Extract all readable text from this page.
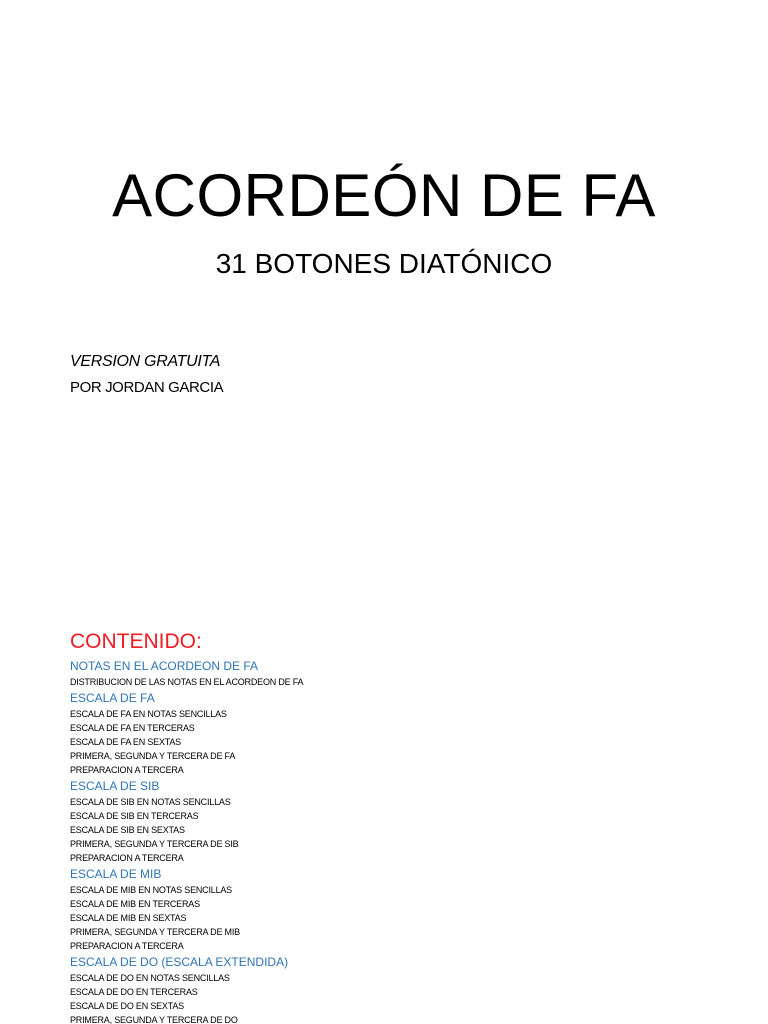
ACORDEÓN DE FA
31 BOTONES DIATÓNICO
VERSION GRATUITA
POR JORDAN GARCIA
CONTENIDO:
NOTAS EN EL ACORDEON DE FA
DISTRIBUCION DE LAS NOTAS EN EL ACORDEON DE FA
ESCALA DE FA
ESCALA DE FA EN NOTAS SENCILLAS
ESCALA DE FA EN TERCERAS
ESCALA DE FA EN SEXTAS
PRIMERA, SEGUNDA Y TERCERA DE FA
PREPARACION A TERCERA
ESCALA DE SIB
ESCALA DE SIB EN NOTAS SENCILLAS
ESCALA DE SIB EN TERCERAS
ESCALA DE SIB EN SEXTAS
PRIMERA, SEGUNDA Y TERCERA DE SIB
PREPARACION A TERCERA
ESCALA DE MIB
ESCALA DE MIB EN NOTAS SENCILLAS
ESCALA DE MIB EN TERCERAS
ESCALA DE MIB EN SEXTAS
PRIMERA, SEGUNDA Y TERCERA DE MIB
PREPARACION A TERCERA
ESCALA DE DO (ESCALA EXTENDIDA)
ESCALA DE DO EN NOTAS SENCILLAS
ESCALA DE DO EN TERCERAS
ESCALA DE DO EN SEXTAS
PRIMERA, SEGUNDA Y TERCERA DE DO
